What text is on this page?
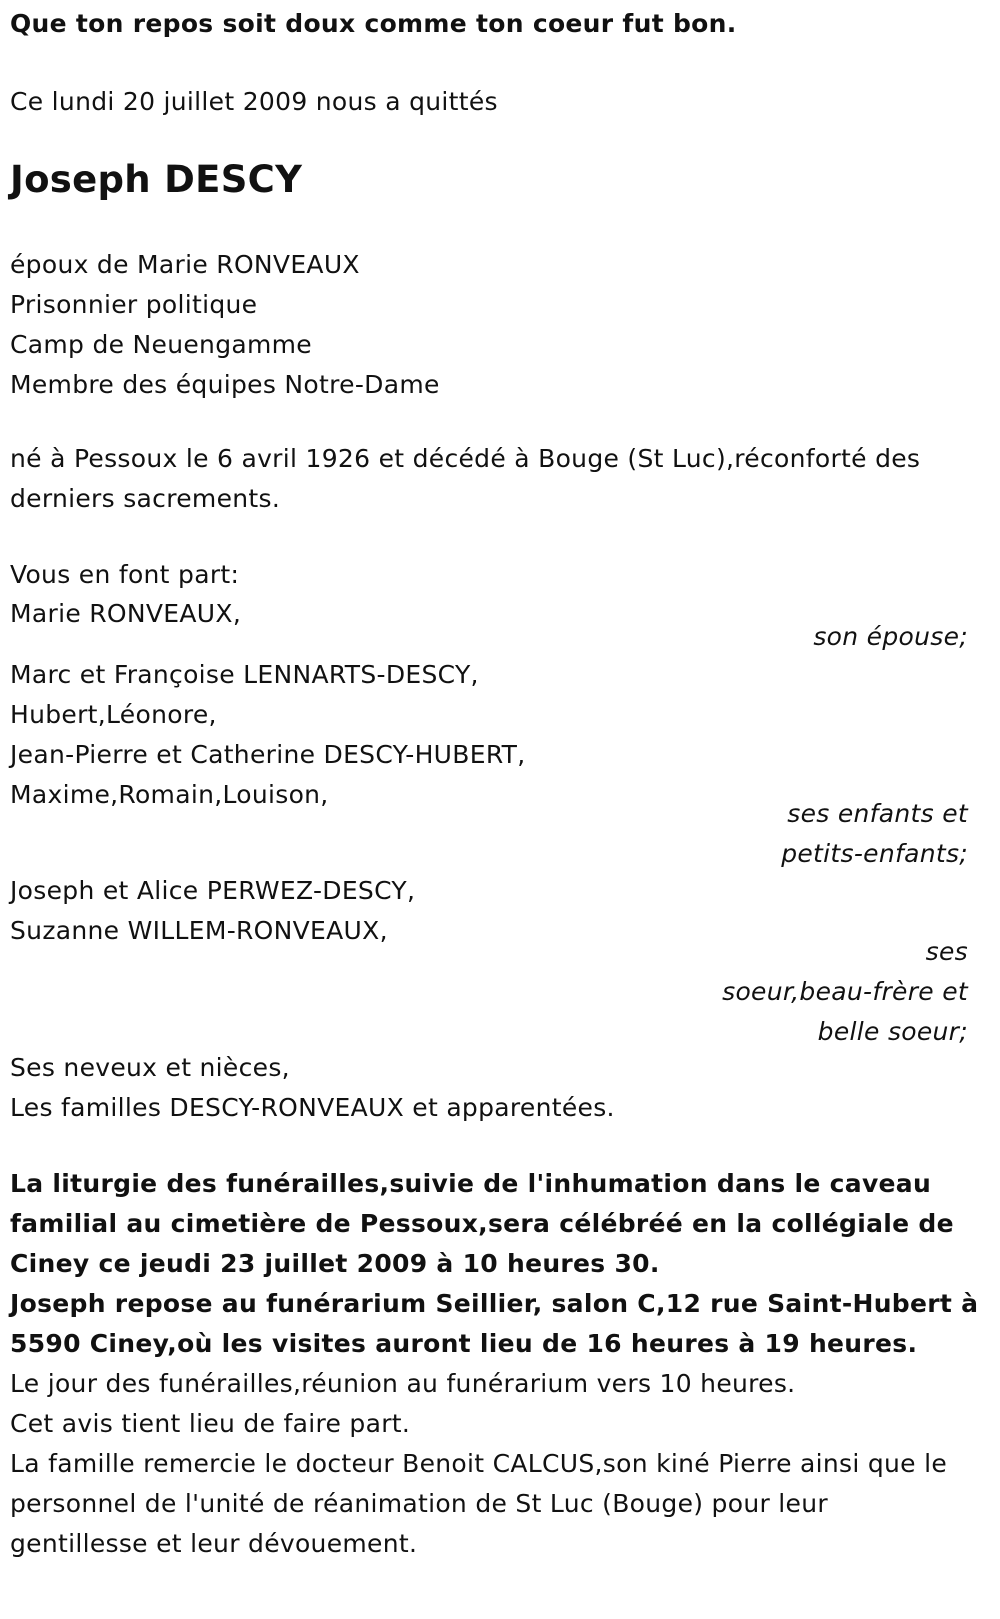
Que ton repos soit doux comme ton coeur fut bon.
Ce lundi 20 juillet 2009 nous a quittés
Joseph DESCY
époux de Marie RONVEAUX
Prisonnier politique
Camp de Neuengamme
Membre des équipes Notre-Dame
né à Pessoux le 6 avril 1926 et décédé à Bouge (St Luc),réconforté des
derniers sacrements.
Vous en font part:
Marie RONVEAUX,
son épouse;
Marc et Françoise LENNARTS-DESCY,
Hubert,Léonore,
Jean-Pierre et Catherine DESCY-HUBERT,
Maxime,Romain,Louison,
ses enfants et
petits-enfants;
Joseph et Alice PERWEZ-DESCY,
Suzanne WILLEM-RONVEAUX,
ses
soeur,beau-frère et
belle soeur;
Ses neveux et nièces,
Les familles DESCY-RONVEAUX et apparentées.
La liturgie des funérailles,suivie de l'inhumation dans le caveau
familial au cimetière de Pessoux,sera célébréé en la collégiale de
Ciney ce jeudi 23 juillet 2009 à 10 heures 30.
Joseph repose au funérarium Seillier, salon C,12 rue Saint-Hubert à
5590 Ciney,où les visites auront lieu de 16 heures à 19 heures.
Le jour des funérailles,réunion au funérarium vers 10 heures.
Cet avis tient lieu de faire part.
La famille remercie le docteur Benoit CALCUS,son kiné Pierre ainsi que le
personnel de l'unité de réanimation de St Luc (Bouge) pour leur
gentillesse et leur dévouement.
